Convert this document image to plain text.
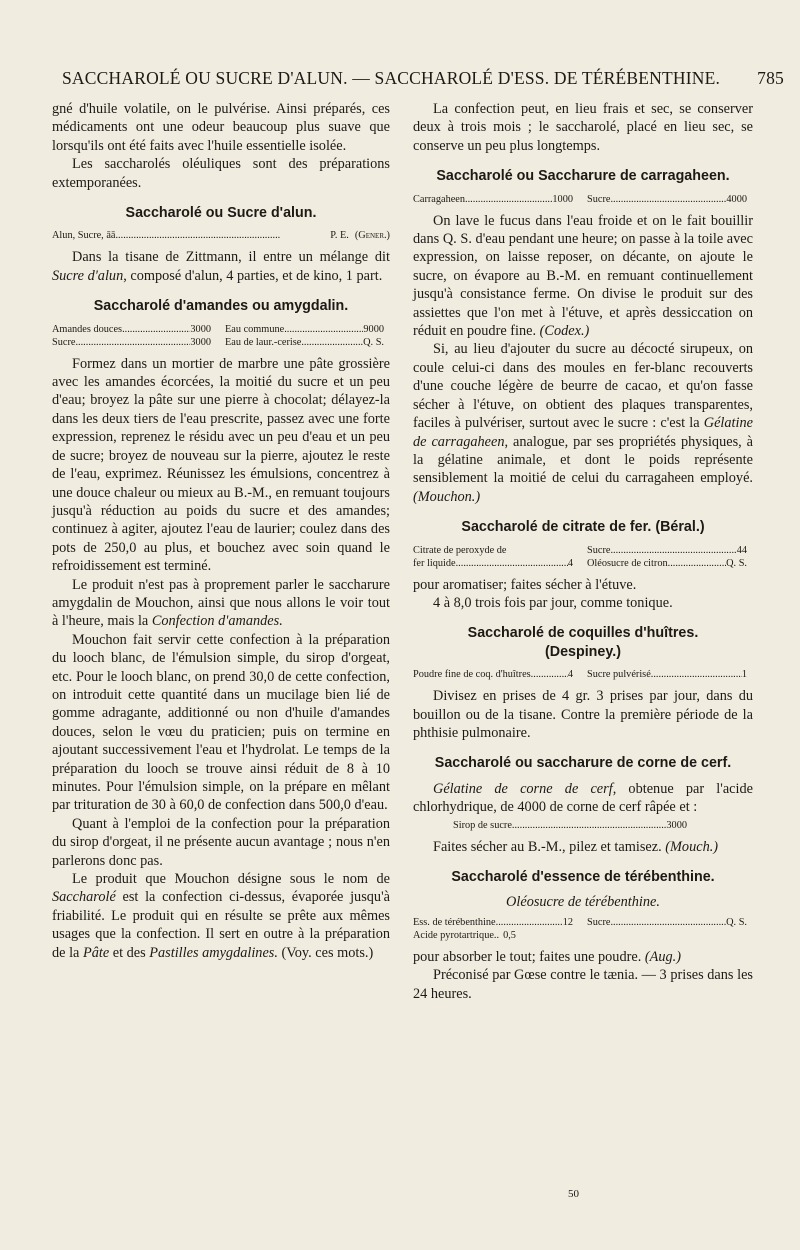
SACCHAROLÉ OU SUCRE D'ALUN. — SACCHAROLÉ D'ESS. DE TÉRÉBENTHINE. 785

gné d'huile volatile, on le pulvérise. Ainsi préparés, ces médicaments ont une odeur beaucoup plus suave que lorsqu'ils ont été faits avec l'huile essentielle isolée.

Les saccharolés oléuliques sont des préparations extemporanées.

Saccharolé ou Sucre d'alun.
Alun, Sucre, āā .....	P. E. (Gener.)

Dans la tisane de Zittmann, il entre un mélange dit Sucre d'alun, composé d'alun, 4 parties, et de kino, 1 part.

Saccharolé d'amandes ou amygdalin.
Amandes douces .....	3000	Eau commune .....	9000
Sucre .....	3000	Eau de laur.-cerise .....	Q. S.

Formez dans un mortier de marbre une pâte grossière avec les amandes écorcées, la moitié du sucre et un peu d'eau; broyez la pâte sur une pierre à chocolat; délayez-la dans les deux tiers de l'eau prescrite, passez avec une forte expression, reprenez le résidu avec un peu d'eau et un peu de sucre; broyez de nouveau sur la pierre, ajoutez le reste de l'eau, exprimez. Réunissez les émulsions, concentrez à une douce chaleur ou mieux au B.-M., en remuant toujours jusqu'à réduction au poids du sucre et des amandes; continuez à agiter, ajoutez l'eau de laurier; coulez dans des pots de 250,0 au plus, et bouchez avec soin quand le refroidissement est terminé.

Le produit n'est pas à proprement parler le saccharure amygdalin de Mouchon, ainsi que nous allons le voir tout à l'heure, mais la Confection d'amandes.

Mouchon fait servir cette confection à la préparation du looch blanc, de l'émulsion simple, du sirop d'orgeat, etc. Pour le looch blanc, on prend 30,0 de cette confection, on introduit cette quantité dans un mucilage bien lié de gomme adragante, additionné ou non d'huile d'amandes douces, selon le vœu du praticien; puis on termine en ajoutant successivement l'eau et l'hydrolat. Le temps de la préparation du looch se trouve ainsi réduit de 8 à 10 minutes. Pour l'émulsion simple, on la prépare en mêlant par trituration de 30 à 60,0 de confection dans 500,0 d'eau.

Quant à l'emploi de la confection pour la préparation du sirop d'orgeat, il ne présente aucun avantage ; nous n'en parlerons donc pas.

Le produit que Mouchon désigne sous le nom de Saccharolé est la confection ci-dessus, évaporée jusqu'à friabilité. Le produit qui en résulte se prête aux mêmes usages que la confection. Il sert en outre à la préparation de la Pâte et des Pastilles amygdalines. (Voy. ces mots.)

La confection peut, en lieu frais et sec, se conserver deux à trois mois ; le saccharolé, placé en lieu sec, se conserve un peu plus longtemps.

Saccharolé ou Saccharure de carragaheen.
Carragaheen .....	1000	Sucre .....	4000

On lave le fucus dans l'eau froide et on le fait bouillir dans Q. S. d'eau pendant une heure; on passe à la toile avec expression, on laisse reposer, on décante, on ajoute le sucre, on évapore au B.-M. en remuant continuellement jusqu'à consistance ferme. On divise le produit sur des assiettes que l'on met à l'étuve, et après dessiccation on réduit en poudre fine. (Codex.)

Si, au lieu d'ajouter du sucre au décocté sirupeux, on coule celui-ci dans des moules en fer-blanc recouverts d'une couche légère de beurre de cacao, et qu'on fasse sécher à l'étuve, on obtient des plaques transparentes, faciles à pulvériser, surtout avec le sucre : c'est la Gélatine de carragaheen, analogue, par ses propriétés physiques, à la gélatine animale, et dont le poids représente sensiblement la moitié de celui du carragaheen employé. (Mouchon.)

Saccharolé de citrate de fer. (Béral.)
Citrate de peroxyde de	Sucre .....	44
fer liquide .....	4	Oléosucre de citron. .....	Q. S.

pour aromatiser; faites sécher à l'étuve.

4 à 8,0 trois fois par jour, comme tonique.

Saccharolé de coquilles d'huîtres.
(Despiney.)
Poudre fine de coq. d'huîtres. .....	4	Sucre pulvérisé. .....	1

Divisez en prises de 4 gr. 3 prises par jour, dans du bouillon ou de la tisane. Contre la première période de la phthisie pulmonaire.

Saccharolé ou saccharure de corne de cerf.

Gélatine de corne de cerf, obtenue par l'acide chlorhydrique, de 4000 de corne de cerf râpée et :

Sirop de sucre .....	3000

Faites sécher au B.-M., pilez et tamisez. (Mouch.)

Saccharolé d'essence de térébenthine.
Oléosucre de térébenthine.
Ess. de térébenthine. .....	12	Sucre .....	Q. S.
Acide pyrotartrique.. 0,5

pour absorber le tout; faites une poudre. (Aug.)

Préconisé par Gœse contre le tænia. — 3 prises dans les 24 heures.

50
